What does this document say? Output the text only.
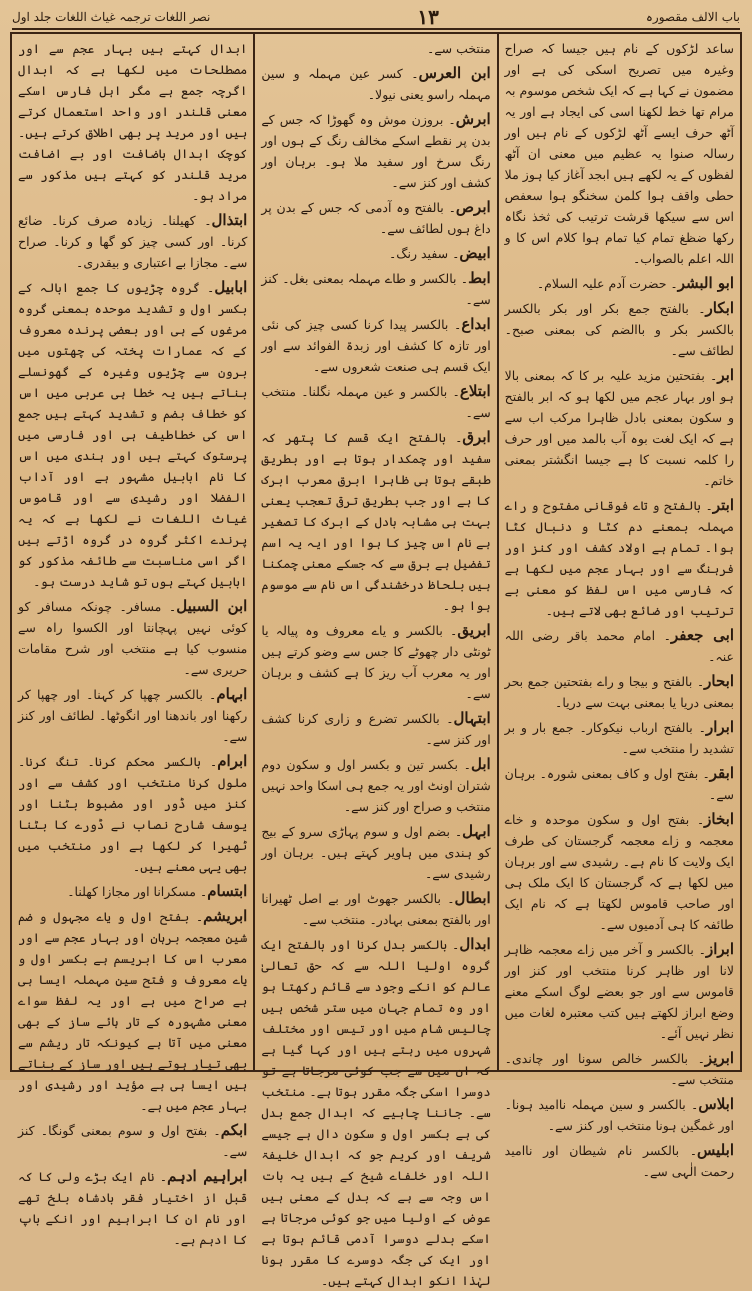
باب الالف مقصورہ
۱۳
نصر اللغات ترجمہ غیاث اللغات جلد اول

ساعد لڑکوں کے نام ہیں جیسا کہ صراح وغیرہ میں تصریح اسکی کی ہے اور مضمون نے کہا ہے کہ ایک شخص موسوم بہ مرام تھا خط لکھنا اسی کی ایجاد ہے اور یہ آٹھ حرف ایسے آٹھ لڑکوں کے نام ہیں اور رسالہ صنوا یہ عظیم میں معنی ان آٹھ لفظوں کے یہ لکھے ہیں ابجد آغاز کیا ہوز ملا حطی واقف ہوا کلمن سخنگو ہوا سعفص اس سے سیکھا قرشت ترتیب کی ثخذ نگاہ رکھا ضظغ تمام کیا تمام ہوا کلام اس کا و اللہ اعلم بالصواب۔

ابو البشر۔ حضرت آدم علیہ السلام۔

ابکار۔ بالفتح جمع بکر اور بکر بالکسر بالکسر بکر و باالضم کی بمعنی صبح۔ لطائف سے۔

ابر۔ بفتحتین مزید علیہ بر کا کہ بمعنی بالا ہو اور بہار عجم میں لکھا ہو کہ ابر بالفتح و سکون بمعنی بادل ظاہرا مرکب اب سے ہے کہ ایک لغت بوہ آب بالمد میں اور حرف را کلمہ نسبت کا ہے جیسا انگشتر بمعنی خاتم۔

ابتر۔ بالفتح و تاے فوقانی مفتوح و راے مہملہ بمعنے دم کٹا و دنبال کٹا ہوا۔ تمام ہے اولاد کشف اور کنز اور فرہنگ سے اور بہار عجم میں لکھا ہے کہ فارسی میں اس لفظ کو معنی بے ترتیب اور ضائع بھی لاتے ہیں۔

ابی جعفر۔ امام محمد باقر رضی اللہ عنہ۔

ابحار۔ بالفتح و بیجا و راے بفتحتین جمع بحر بمعنی دریا یا بمعنی بہت سے دریا۔

ابرار۔ بالفتح ارباب نیکوکار۔ جمع بار و بر تشدید را منتخب سے۔

ابقر۔ بفتح اول و کاف بمعنی شورہ۔ برہان سے۔

ابخاز۔ بفتح اول و سکون موحدہ و خاے معجمہ و زاے معجمہ گرجستان کی طرف ایک ولایت کا نام ہے۔ رشیدی سے اور برہان میں لکھا ہے کہ گرجستان کا ایک ملک ہی اور صاحب قاموس لکھتا ہے کہ نام ایک طائفہ کا ہی آدمیوں سے۔

ابراز۔ بالکسر و آخر میں زاے معجمہ ظاہر لانا اور ظاہر کرنا منتخب اور کنز اور قاموس سے اور جو بعضے لوگ اسکے معنے وضع ابراز لکھتے ہیں کتب معتبرہ لغات میں نظر نہیں آئے۔

ابریز۔ بالکسر خالص سونا اور چاندی۔ منتخب سے۔

ابلاس۔ بالکسر و سین مہملہ ناامید ہونا۔ اور غمگین ہونا منتخب اور کنز سے۔

ابلیس۔ بالکسر نام شیطان اور ناامید رحمت الٰہی سے۔

منتخب سے۔

ابن العرس۔ کسر عین مہملہ و سین مہملہ راسو یعنی نیولا۔

ابرش۔ بروزن موش وہ گھوڑا کہ جس کے بدن پر نقطے اسکے مخالف رنگ کے ہوں اور رنگ سرخ اور سفید ملا ہو۔ برہان اور کشف اور کنز سے۔

ابرص۔ بالفتح وہ آدمی کہ جس کے بدن پر داغ ہوں لطائف سے۔

ابیض۔ سفید رنگ۔

ابط۔ بالکسر و طاے مہملہ بمعنی بغل۔ کنز سے۔

ابداع۔ بالکسر پیدا کرنا کسی چیز کی نئی اور تازہ کا کشف اور زبدۃ الفوائد سے اور ایک قسم ہی صنعت شعروں سے۔

ابتلاع۔ بالکسر و عین مہملہ نگلنا۔ منتخب سے۔

ابرق۔ بالفتح ایک قسم کا پتھر کہ سفید اور چمکدار ہوتا ہے اور بطریق طبقے ہوتا ہی ظاہرا ابرق معرب ابرک کا ہے اور جب بطریق ترقی تعجب یعنی بہت ہی مشابہ بادل کے ابرک کا تصغیر ہے نام اس چیز کا ہوا اور ایہ یہ اسم تفضیل ہے برق سے کہ جسکے معنی چمکنا ہیں بلحاظ درخشندگی اس نام سے موسوم ہوا ہو۔

ابریق۔ بالکسر و یاے معروف وہ پیالہ یا ٹونٹی دار چھوٹے کا جس سے وضو کرتے ہیں اور یہ معرب آب ریز کا ہے کشف و برہان سے۔

ابتہال۔ بالکسر تضرع و زاری کرنا کشف اور کنز سے۔

ابل۔ بکسر تین و بکسر اول و سکون دوم شتران اونٹ اور یہ جمع ہی اسکا واحد نہیں منتخب و صراح اور کنز سے۔

ابہل۔ بضم اول و سوم پہاڑی سرو کے بیج کو ہندی میں ہاویر کہتے ہیں۔ برہان اور رشیدی سے۔

ابطال۔ بالکسر جھوٹ اور بے اصل ٹھیرانا اور بالفتح بمعنی بہادر۔ منتخب سے۔

ابدال۔ بالکسر بدل کرنا اور بالفتح ایک گروہ اولیا اللہ سے کہ حق تعالیٰ عالم کو انکے وجود سے قائم رکھتا ہو اور وہ تمام جہان میں ستر شخص ہیں چالیس شام میں اور تیس اور مختلف شہروں میں رہتے ہیں اور کہا گیا ہے کہ ان میں سے جب کوئی مرجاتا ہے تو دوسرا اسکی جگہ مقرر ہوتا ہے۔ منتخب سے۔ جاننا چاہیے کہ ابدال جمع بدل کی ہے بکسر اول و سکون دال ہے جیسے شریف اور کریم جو کہ ابدال خلیفۃ اللہ اور خلفاے شیخ کے ہیں یہ بات اس وجہ سے ہے کہ بدل کے معنی ہیں عوض کے اولیا میں جو کوئی مرجاتا ہے اسکے بدلے دوسرا آدمی قائم ہوتا ہے اور ایک کی جگہ دوسرے کا مقرر ہونا لہٰذا انکو ابدال کہتے ہیں۔

ابدال کہتے ہیں بہار عجم سے اور مصطلحات میں لکھا ہے کہ ابدال اگرچہ جمع ہے مگر اہل فارس اسکے معنی قلندر اور واحد استعمال کرتے ہیں اور مرید پر بھی اطلاق کرتے ہیں۔ کوچک ابدال باضافت اور بے اضافت مرید قلندر کو کہتے ہیں مذکور سے مراد ہو۔

ابتذال۔ کھیلنا۔ زیادہ صرف کرنا۔ ضائع کرنا۔ اور کسی چیز کو گھا و کرنا۔ صراح سے۔ مجازا بے اعتباری و بیقدری۔

ابابیل۔ گروہ چڑیوں کا جمع ابالہ کے بکسر اول و تشدید موحدہ بمعنی گروہ مرغوں کے ہی اور بعضی پرندہ معروف کے کہ عمارات پختہ کی چھتوں میں برون سے چڑیوں وغیرہ کے گھونسلے بناتے ہیں یہ خطا ہی عربی میں اس کو خطاف بضم و تشدید کہتے ہیں جمع اس کی خطاطیف ہی اور فارسی میں پرستوک کہتے ہیں اور ہندی میں اس کا نام ابابیل مشہور ہے اور آداب الفضلا اور رشیدی سے اور قاموس غیاث اللغات نے لکھا ہے کہ یہ پرندے اکثر گروہ در گروہ اڑتے ہیں اگر اسی مناسبت سے طائفہ مذکور کو ابابیل کہتے ہوں تو شاید درست ہو۔

ابن السبیل۔ مسافر۔ چونکہ مسافر کو کوئی نہیں پہچانتا اور الکسوا راہ سے منسوب کیا ہے منتخب اور شرح مقامات حریری سے۔

ابہام۔ بالکسر چھپا کر کہنا۔ اور چھپا کر رکھنا اور باندھنا اور انگوٹھا۔ لطائف اور کنز سے۔

ابرام۔ بالکسر محکم کرنا۔ تنگ کرنا۔ ملول کرنا منتخب اور کشف سے اور کنز میں ڈور اور مضبوط بٹنا اور یوسف شارح نصاب نے ڈورے کا بٹنا ٹھیرا کر لکھا ہے اور منتخب میں بھی یہی معنے ہیں۔

ابتسام۔ مسکرانا اور مجازا کھلنا۔

ابریشم۔ بفتح اول و یاے مجہول و ضم شین معجمہ برہان اور بہار عجم سے اور معرب اس کا ابریسم ہے بکسر اول و یاے معروف و فتح سین مہملہ ایسا ہی ہے صراح میں ہے اور یہ لفظ سواے معنی مشہورہ کے تار ہائے ساز کے بھی معنی میں آتا ہے کیونکہ تار ریشم سے بھی تیار ہوتے ہیں اور ساز کے بناتے ہیں ایسا ہی ہے مؤید اور رشیدی اور بہار عجم میں ہے۔

ابکم۔ بفتح اول و سوم بمعنی گونگا۔ کنز سے۔

ابراہیم ادہم۔ نام ایک بڑے ولی کا کہ قبل از اختیار فقر بادشاہ بلخ تھے اور نام ان کا ابراہیم اور انکے باپ کا ادہم ہے۔
